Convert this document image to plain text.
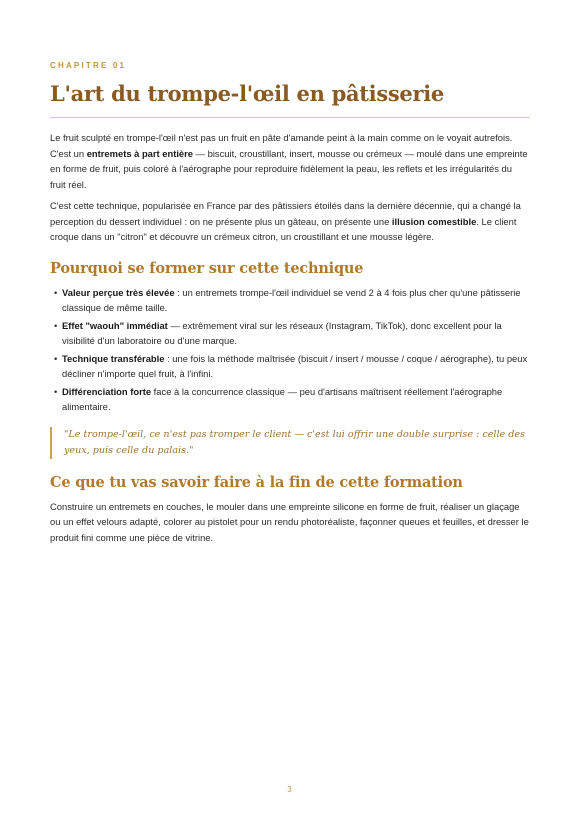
CHAPITRE 01

L'art du trompe-l'œil en pâtisserie

Le fruit sculpté en trompe-l'œil n'est pas un fruit en pâte d'amande peint à la main comme on le voyait autrefois. C'est un entremets à part entière — biscuit, croustillant, insert, mousse ou crémeux — moulé dans une empreinte en forme de fruit, puis coloré à l'aérographe pour reproduire fidèlement la peau, les reflets et les irrégularités du fruit réel.

C'est cette technique, popularisée en France par des pâtissiers étoilés dans la dernière décennie, qui a changé la perception du dessert individuel : on ne présente plus un gâteau, on présente une illusion comestible. Le client croque dans un "citron" et découvre un crémeux citron, un croustillant et une mousse légère.

Pourquoi se former sur cette technique
• Valeur perçue très élevée : un entremets trompe-l'œil individuel se vend 2 à 4 fois plus cher qu'une pâtisserie classique de même taille.
• Effet "waouh" immédiat — extrêmement viral sur les réseaux (Instagram, TikTok), donc excellent pour la visibilité d'un laboratoire ou d'une marque.
• Technique transférable : une fois la méthode maîtrisée (biscuit / insert / mousse / coque / aérographe), tu peux décliner n'importe quel fruit, à l'infini.
• Différenciation forte face à la concurrence classique — peu d'artisans maîtrisent réellement l'aérographe alimentaire.
"Le trompe-l'œil, ce n'est pas tromper le client — c'est lui offrir une double surprise : celle des yeux, puis celle du palais."
Ce que tu vas savoir faire à la fin de cette formation

Construire un entremets en couches, le mouler dans une empreinte silicone en forme de fruit, réaliser un glaçage ou un effet velours adapté, colorer au pistolet pour un rendu photoréaliste, façonner queues et feuilles, et dresser le produit fini comme une pièce de vitrine.

3
